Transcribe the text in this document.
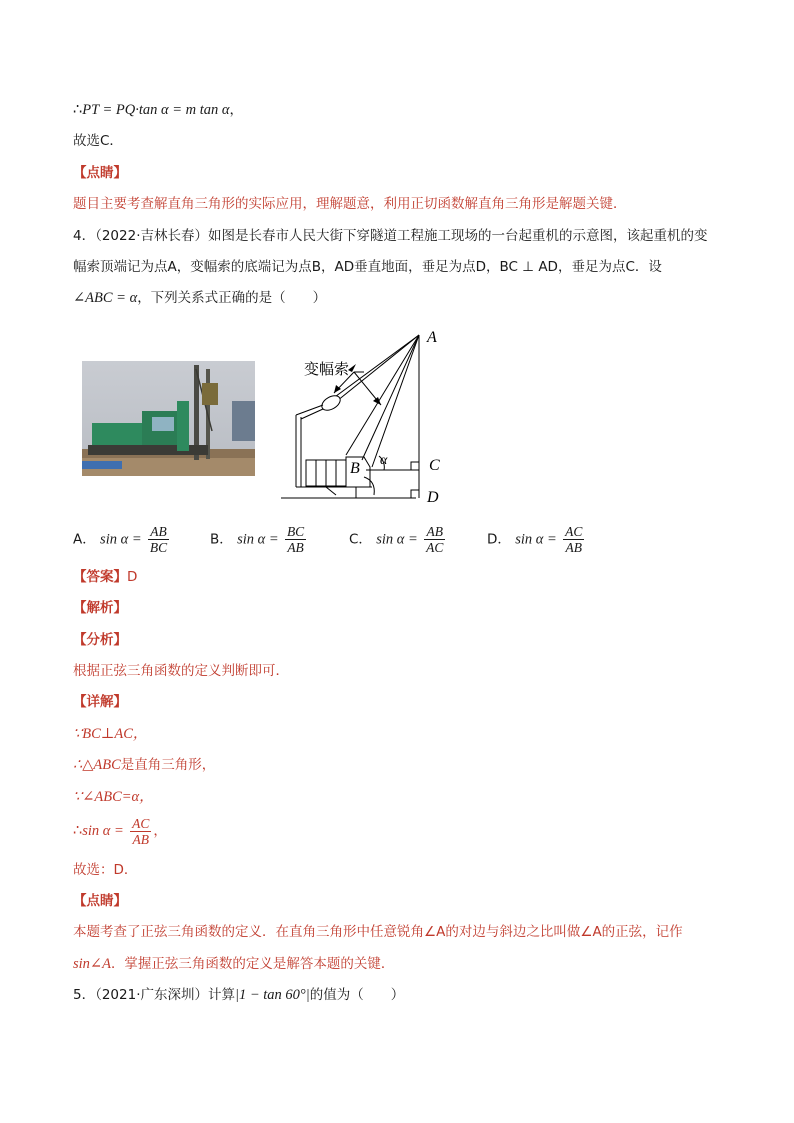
∴PT = PQ·tan α = m tan α，
故选C．
【点睛】
题目主要考查解直角三角形的实际应用，理解题意，利用正切函数解直角三角形是解题关键．
4．（2022·吉林长春）如图是长春市人民大街下穿隧道工程施工现场的一台起重机的示意图，该起重机的变
幅索顶端记为点A，变幅索的底端记为点B，AD垂直地面，垂足为点D，BC ⊥ AD，垂足为点C．设
∠ABC = α，下列关系式正确的是（　　）
变幅索
A
B	C
D
α
A． $\sin \alpha = \frac{AB}{BC}$	B． $\sin \alpha = \frac{BC}{AB}$	C． $\sin \alpha = \frac{AB}{AC}$	D． $\sin \alpha = \frac{AC}{AB}$
【答案】D
【解析】
【分析】
根据正弦三角函数的定义判断即可．
【详解】
∵BC⊥AC，
∴△ABC是直角三角形，
∵∠ABC=α，
∴sin $\alpha = \frac{AC}{AB}$ ，
故选：D．
【点睛】
本题考查了正弦三角函数的定义．在直角三角形中任意锐角∠A的对边与斜边之比叫做∠A的正弦，记作
sin∠A．掌握正弦三角函数的定义是解答本题的关键．
5．（2021·广东深圳）计算|1 − tan 60°|的值为（　　）
